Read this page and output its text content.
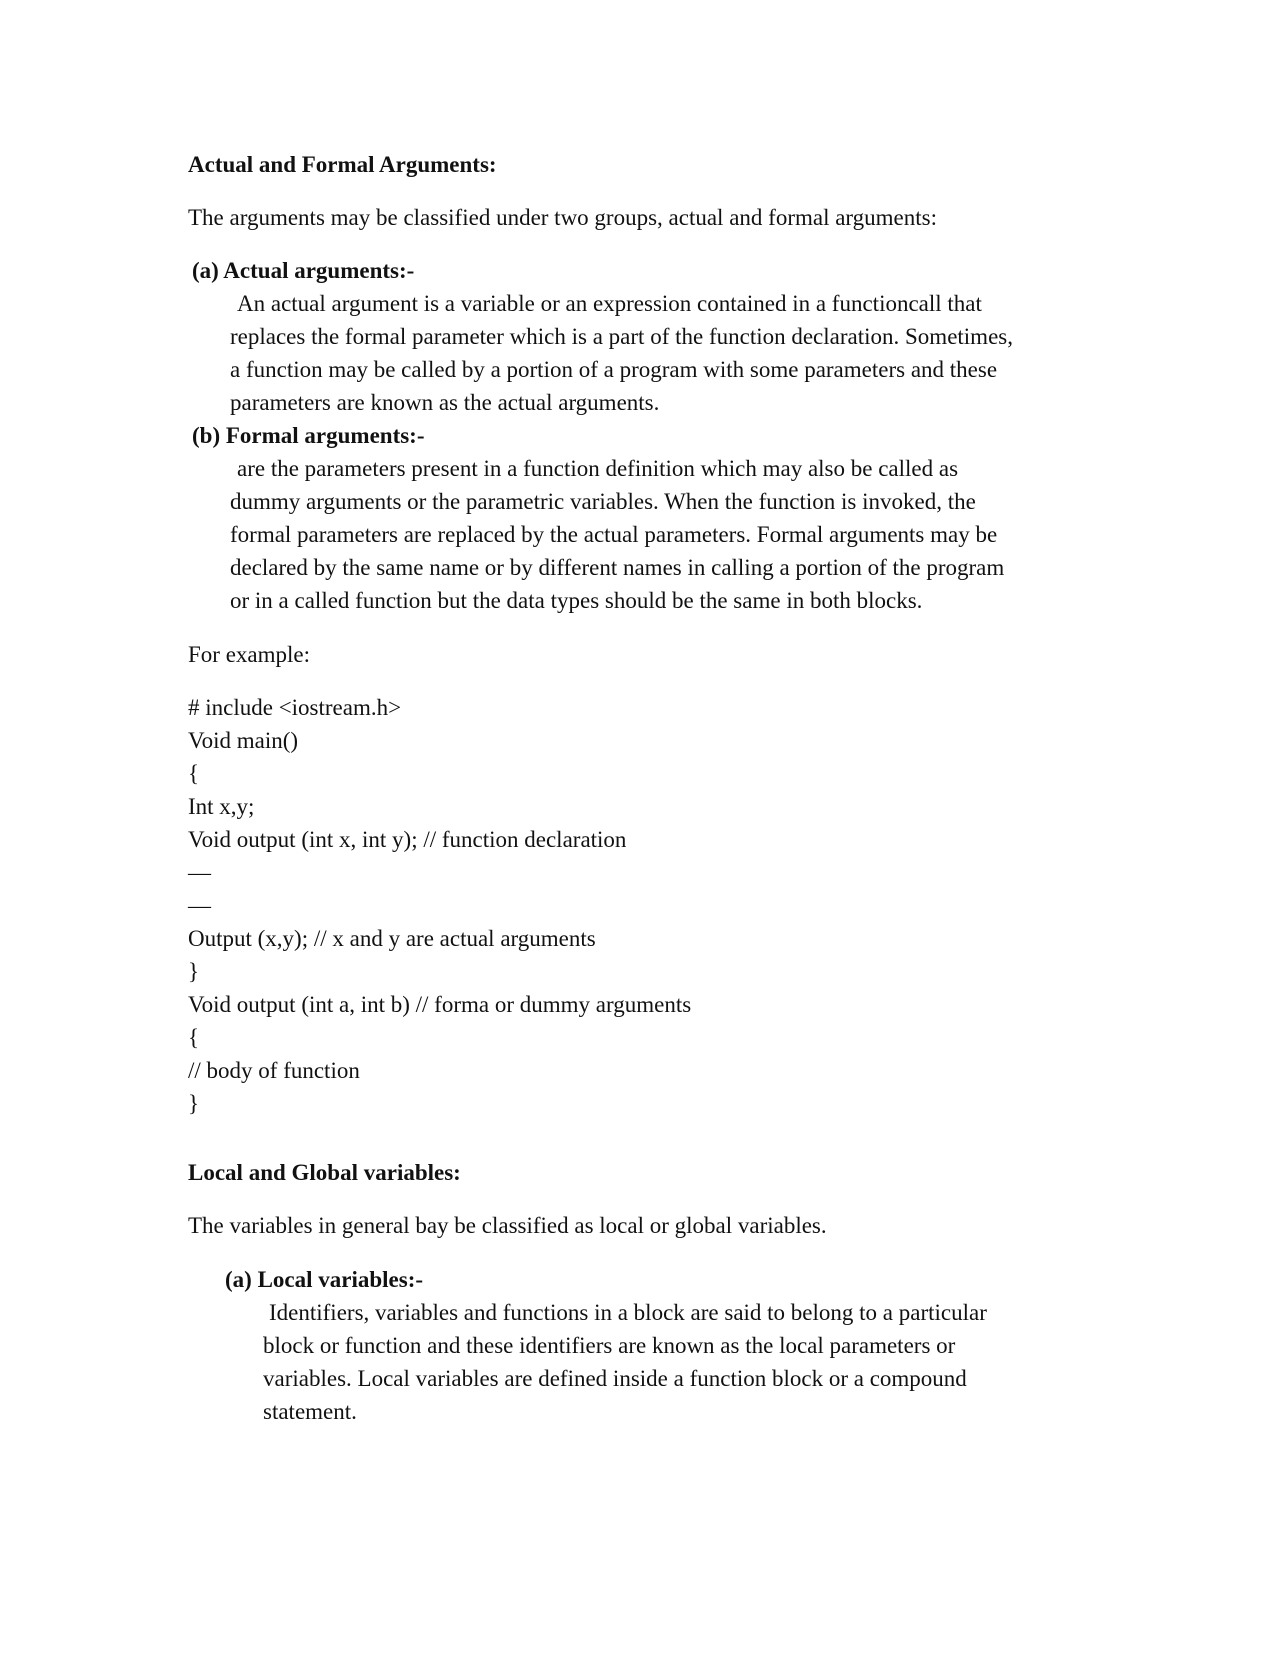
Actual and Formal Arguments:
The arguments may be classified under two groups, actual and formal arguments:
(a) Actual arguments:-
An actual argument is a variable or an expression contained in a functioncall that
replaces the formal parameter which is a part of the function declaration. Sometimes,
a function may be called by a portion of a program with some parameters and these
parameters are known as the actual arguments.
(b) Formal arguments:-
are the parameters present in a function definition which may also be called as
dummy arguments or the parametric variables. When the function is invoked, the
formal parameters are replaced by the actual parameters. Formal arguments may be
declared by the same name or by different names in calling a portion of the program
or in a called function but the data types should be the same in both blocks.
For example:
# include <iostream.h>
Void main()
{
Int x,y;
Void output (int x, int y); // function declaration
—
—
Output (x,y); // x and y are actual arguments
}
Void output (int a, int b) // forma or dummy arguments
{
// body of function
}
Local and Global variables:
The variables in general bay be classified as local or global variables.
(a) Local variables:-
Identifiers, variables and functions in a block are said to belong to a particular
block or function and these identifiers are known as the local parameters or
variables. Local variables are defined inside a function block or a compound
statement.
